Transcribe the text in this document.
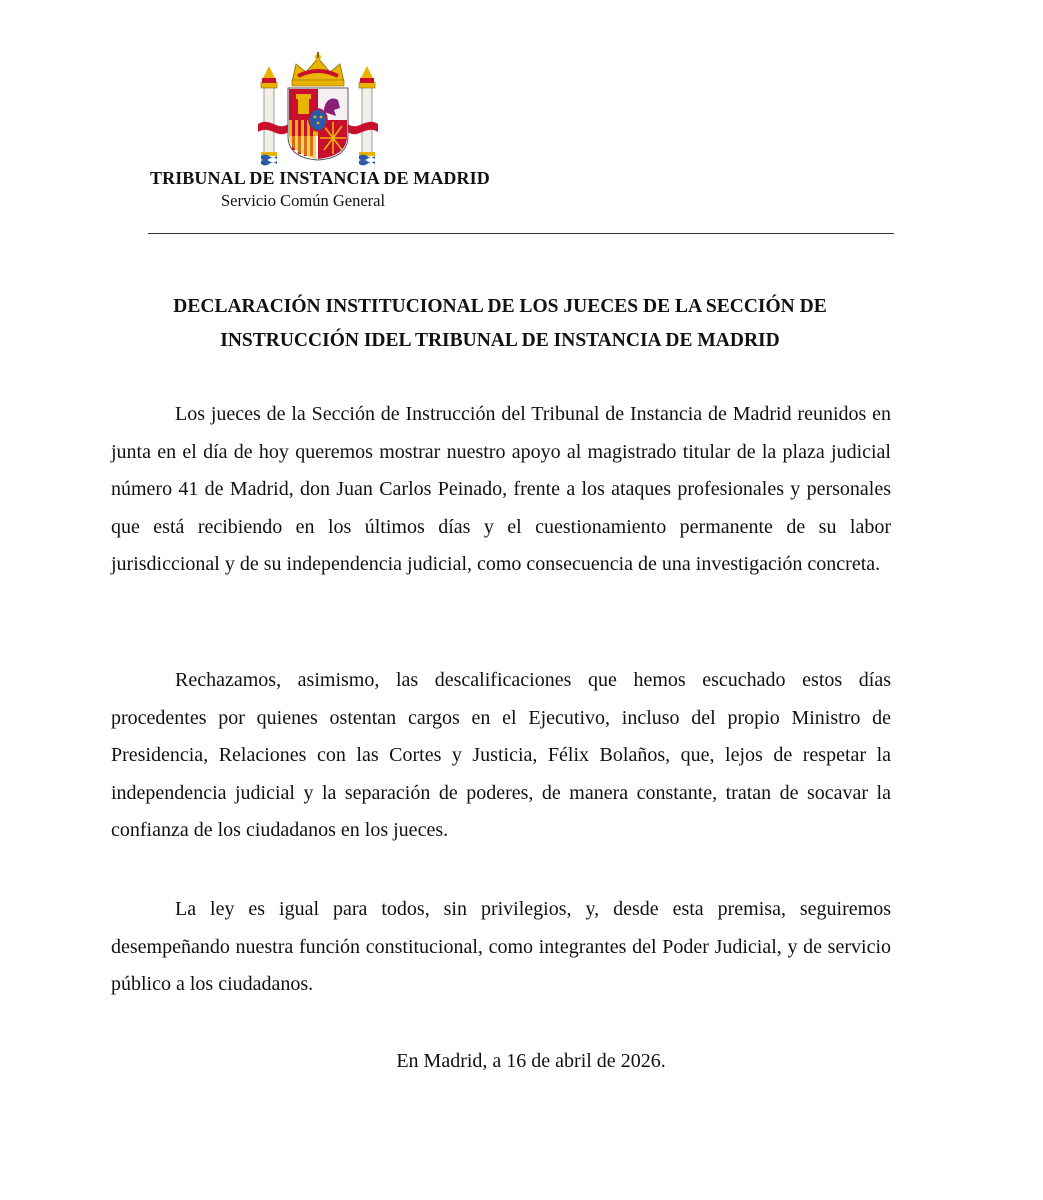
TRIBUNAL DE INSTANCIA DE MADRID
Servicio Común General
DECLARACIÓN INSTITUCIONAL DE LOS JUECES DE LA SECCIÓN DE
INSTRUCCIÓN IDEL TRIBUNAL DE INSTANCIA DE MADRID

Los jueces de la Sección de Instrucción del Tribunal de Instancia de Madrid reunidos en junta en el día de hoy queremos mostrar nuestro apoyo al magistrado titular de la plaza judicial número 41 de Madrid, don Juan Carlos Peinado, frente a los ataques profesionales y personales que está recibiendo en los últimos días y el cuestionamiento permanente de su labor jurisdiccional y de su independencia judicial, como consecuencia de una investigación concreta.

Rechazamos, asimismo, las descalificaciones que hemos escuchado estos días procedentes por quienes ostentan cargos en el Ejecutivo, incluso del propio Ministro de Presidencia, Relaciones con las Cortes y Justicia, Félix Bolaños, que, lejos de respetar la independencia judicial y la separación de poderes, de manera constante, tratan de socavar la confianza de los ciudadanos en los jueces.

La ley es igual para todos, sin privilegios, y, desde esta premisa, seguiremos desempeñando nuestra función constitucional, como integrantes del Poder Judicial, y de servicio público a los ciudadanos.

En Madrid, a 16 de abril de 2026.
